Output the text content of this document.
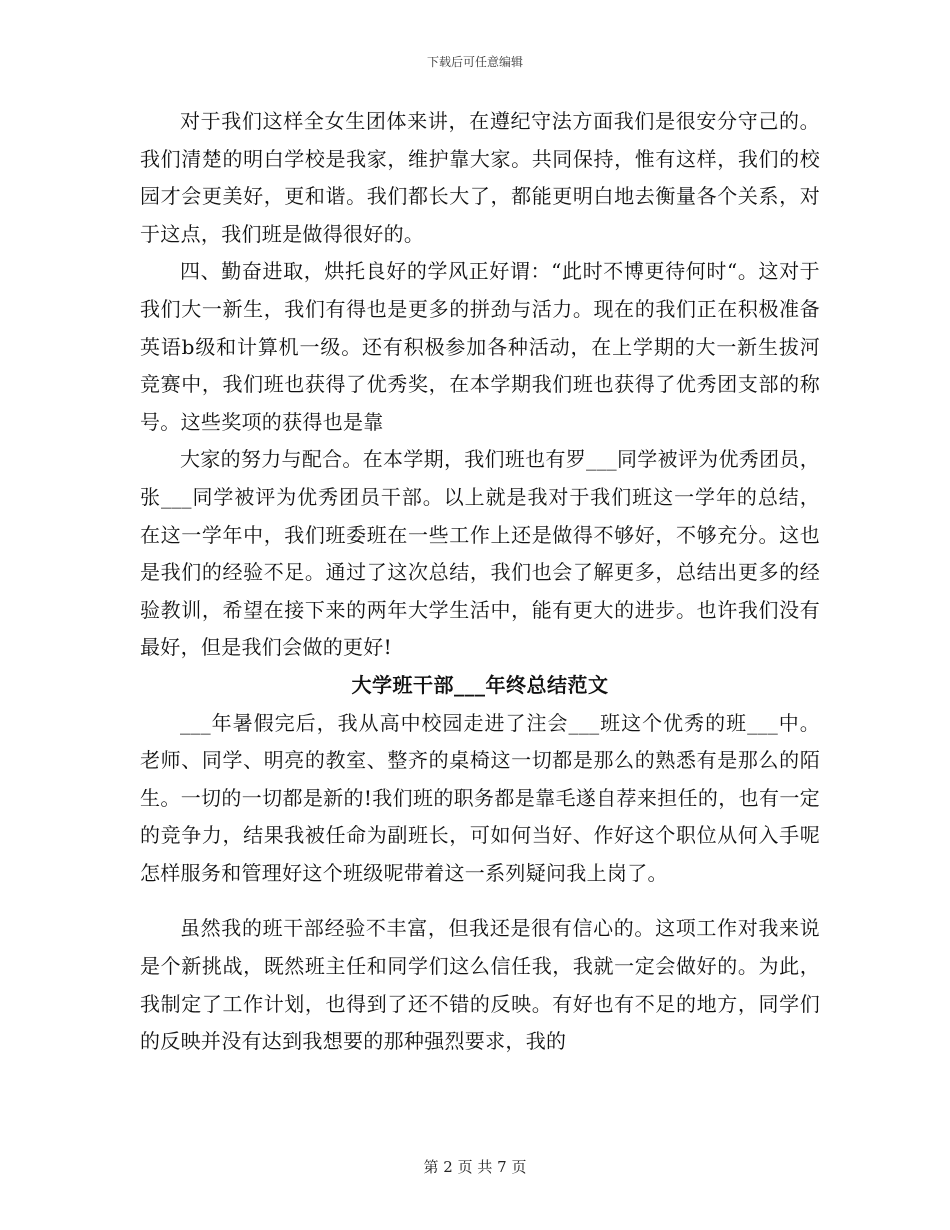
下载后可任意编辑

对于我们这样全女生团体来讲，在遵纪守法方面我们是很安分守己的。我们清楚的明白学校是我家，维护靠大家。共同保持，惟有这样，我们的校园才会更美好，更和谐。我们都长大了，都能更明白地去衡量各个关系，对于这点，我们班是做得很好的。

四、勤奋进取，烘托良好的学风正好谓：“此时不博更待何时“。这对于我们大一新生，我们有得也是更多的拼劲与活力。现在的我们正在积极准备英语b级和计算机一级。还有积极参加各种活动，在上学期的大一新生拔河竞赛中，我们班也获得了优秀奖，在本学期我们班也获得了优秀团支部的称号。这些奖项的获得也是靠

大家的努力与配合。在本学期，我们班也有罗___同学被评为优秀团员，张___同学被评为优秀团员干部。以上就是我对于我们班这一学年的总结，在这一学年中，我们班委班在一些工作上还是做得不够好，不够充分。这也是我们的经验不足。通过了这次总结，我们也会了解更多，总结出更多的经验教训，希望在接下来的两年大学生活中，能有更大的进步。也许我们没有最好，但是我们会做的更好!

大学班干部___年终总结范文

___年暑假完后，我从高中校园走进了注会___班这个优秀的班___中。老师、同学、明亮的教室、整齐的桌椅这一切都是那么的熟悉有是那么的陌生。一切的一切都是新的!我们班的职务都是靠毛遂自荐来担任的，也有一定的竞争力，结果我被任命为副班长，可如何当好、作好这个职位从何入手呢怎样服务和管理好这个班级呢带着这一系列疑问我上岗了。

虽然我的班干部经验不丰富，但我还是很有信心的。这项工作对我来说是个新挑战，既然班主任和同学们这么信任我，我就一定会做好的。为此，我制定了工作计划，也得到了还不错的反映。有好也有不足的地方，同学们的反映并没有达到我想要的那种强烈要求，我的

第 2 页 共 7 页
